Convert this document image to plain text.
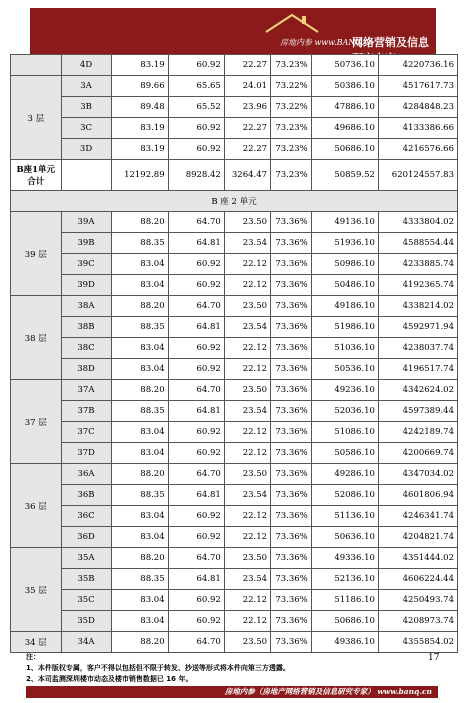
房地内参 www.BANQ.cn
网络营销及信息研究专家
	4D	83.19	60.92	22.27	73.23%	50736.10	4220736.16
3 层	3A	89.66	65.65	24.01	73.22%	50386.10	4517617.73
	3B	89.48	65.52	23.96	73.22%	47886.10	4284848.23
	3C	83.19	60.92	22.27	73.23%	49686.10	4133386.66
	3D	83.19	60.92	22.27	73.23%	50686.10	4216576.66
B座1单元合计		12192.89	8928.42	3264.47	73.23%	50859.52	620124557.83
B 座 2 单元							
39 层	39A	88.20	64.70	23.50	73.36%	49136.10	4333804.02
	39B	88.35	64.81	23.54	73.36%	51936.10	4588554.44
	39C	83.04	60.92	22.12	73.36%	50986.10	4233885.74
	39D	83.04	60.92	22.12	73.36%	50486.10	4192365.74
38 层	38A	88.20	64.70	23.50	73.36%	49186.10	4338214.02
	38B	88.35	64.81	23.54	73.36%	51986.10	4592971.94
	38C	83.04	60.92	22.12	73.36%	51036.10	4238037.74
	38D	83.04	60.92	22.12	73.36%	50536.10	4196517.74
37 层	37A	88.20	64.70	23.50	73.36%	49236.10	4342624.02
	37B	88.35	64.81	23.54	73.36%	52036.10	4597389.44
	37C	83.04	60.92	22.12	73.36%	51086.10	4242189.74
	37D	83.04	60.92	22.12	73.36%	50586.10	4200669.74
36 层	36A	88.20	64.70	23.50	73.36%	49286.10	4347034.02
	36B	88.35	64.81	23.54	73.36%	52086.10	4601806.94
	36C	83.04	60.92	22.12	73.36%	51136.10	4246341.74
	36D	83.04	60.92	22.12	73.36%	50636.10	4204821.74
35 层	35A	88.20	64.70	23.50	73.36%	49336.10	4351444.02
	35B	88.35	64.81	23.54	73.36%	52136.10	4606224.44
	35C	83.04	60.92	22.12	73.36%	51186.10	4250493.74
	35D	83.04	60.92	22.12	73.36%	50686.10	4208973.74
34 层	34A	88.20	64.70	23.50	73.36%	49386.10	4355854.02
注：
1、本件版权专属，客户不得以包括但不限于转发、抄送等形式将本件向第三方透露。
2、本司监测深圳楼市动态及楼市销售数据已 16 年。
17
房地内参（房地产网络营销及信息研究专家） www.banq.cn
